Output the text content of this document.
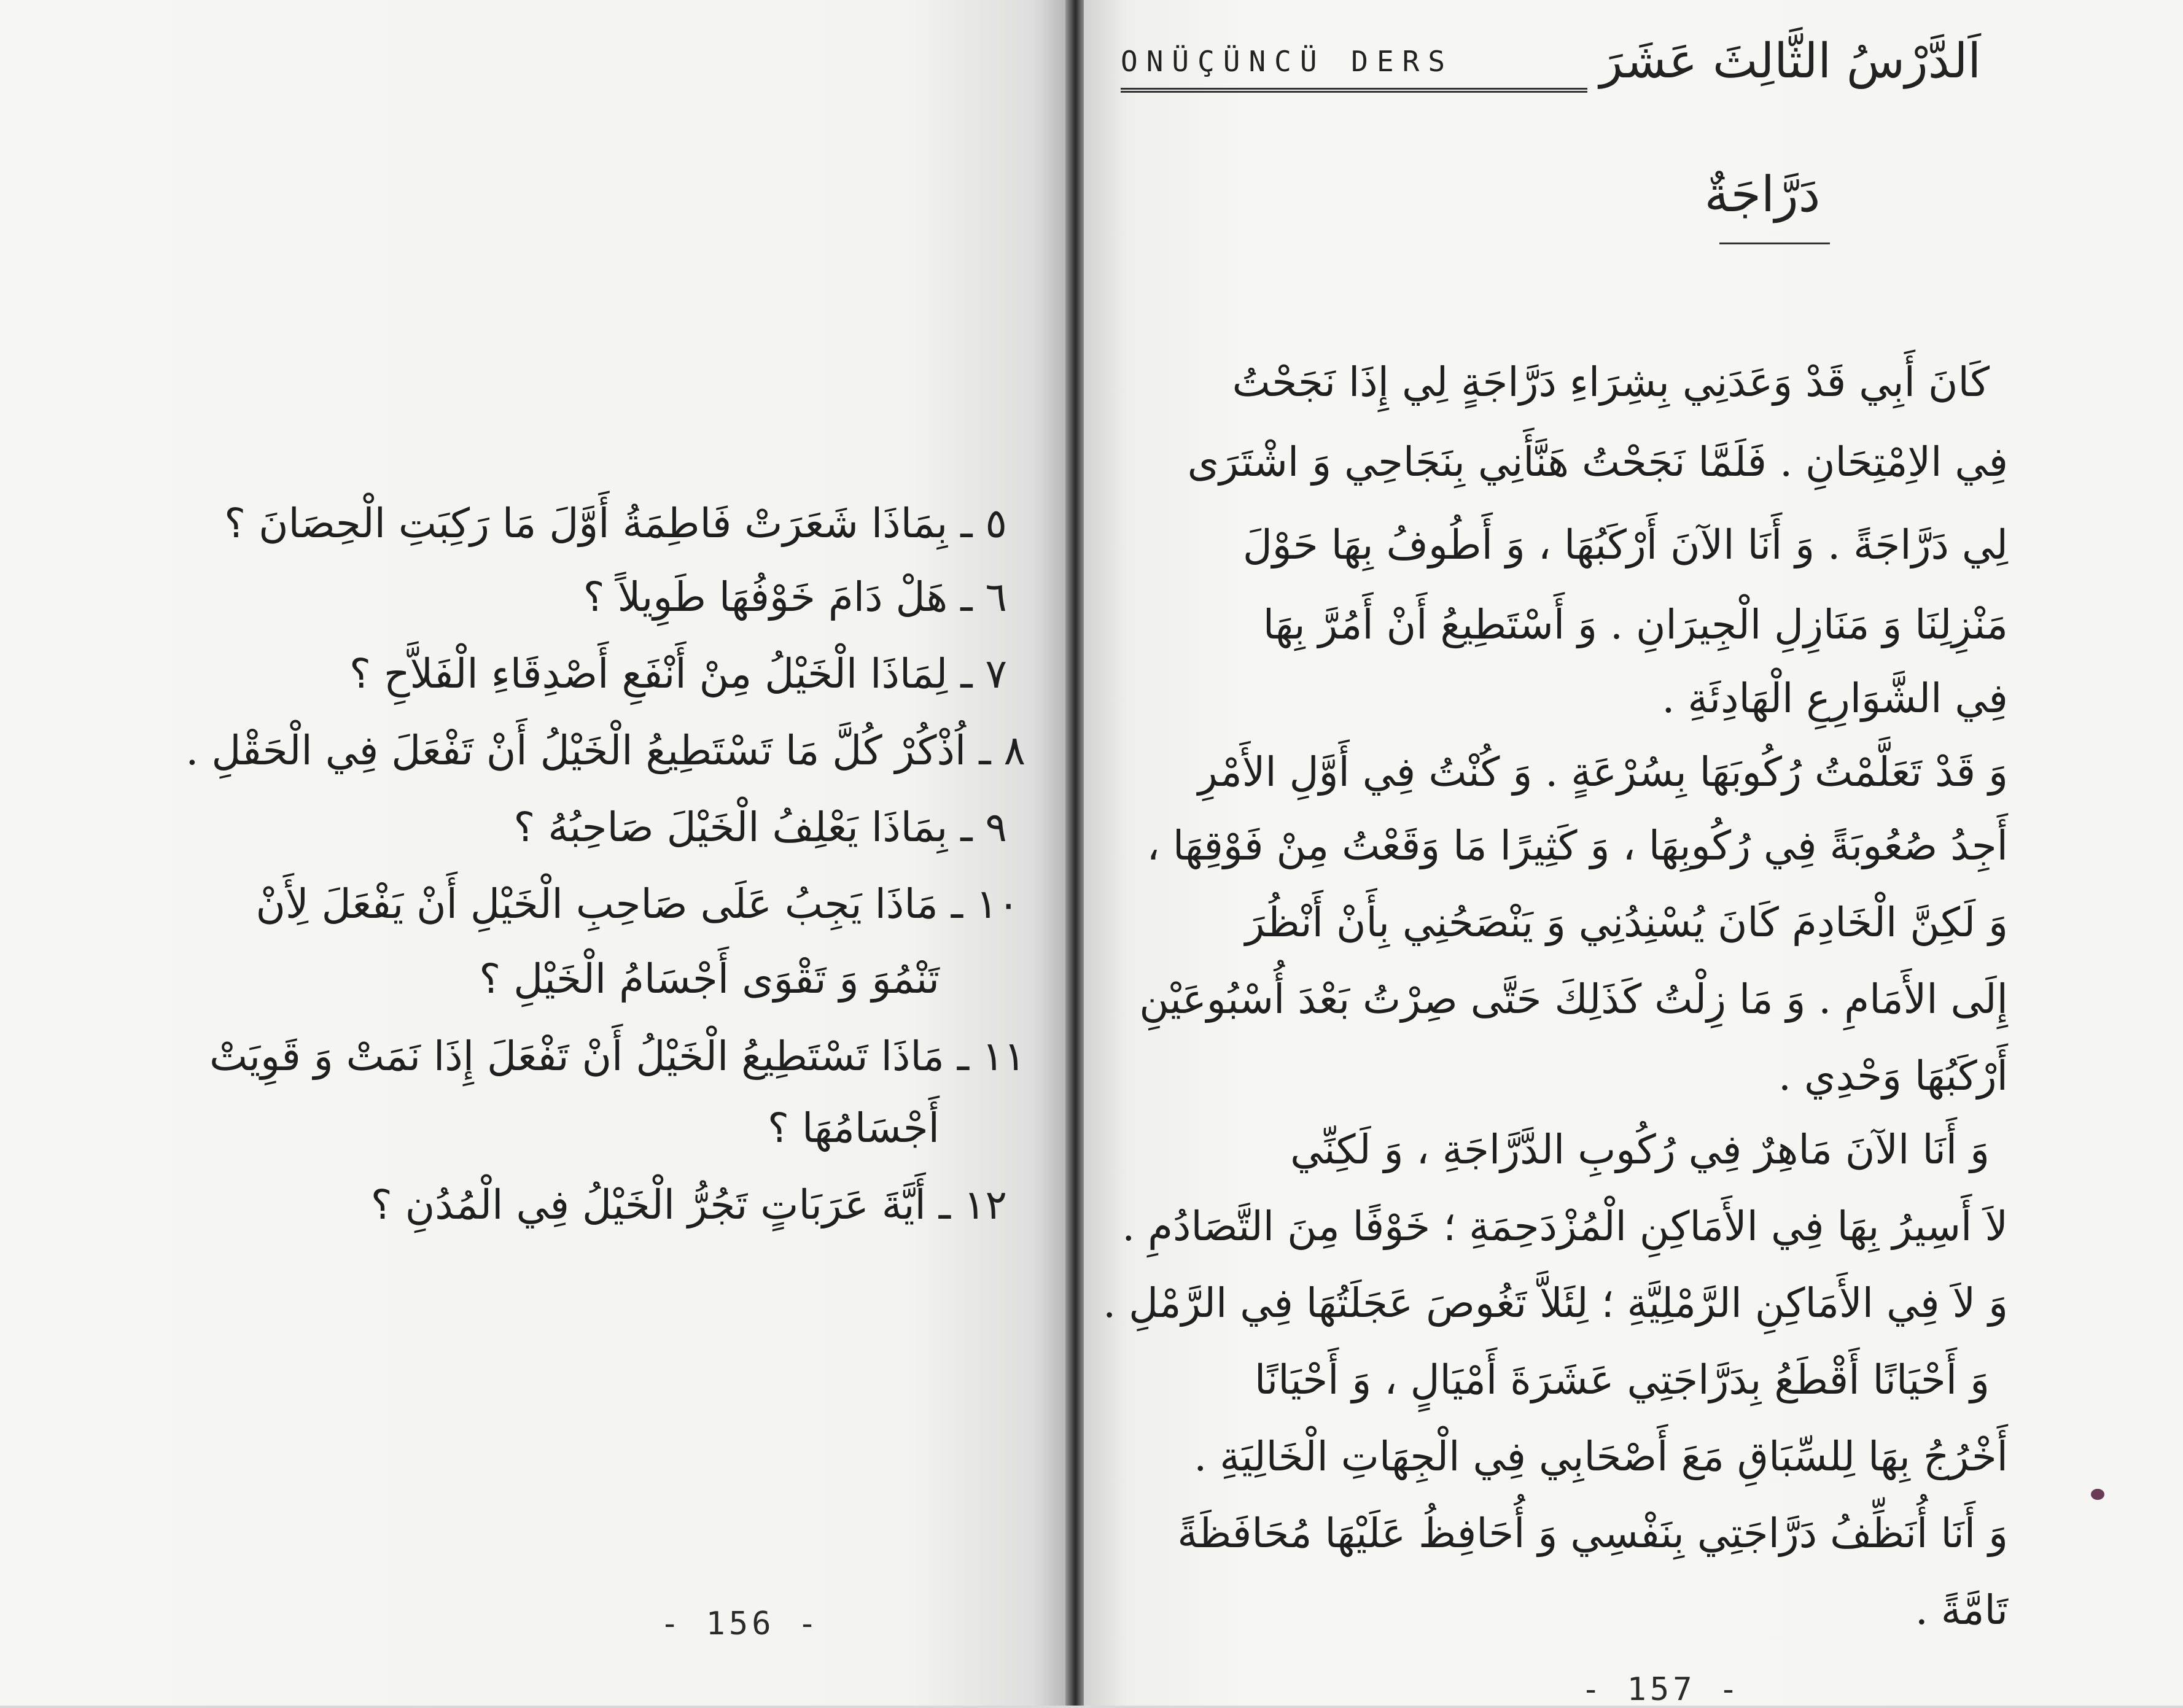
٥ ـ بِمَاذَا شَعَرَتْ فَاطِمَةُ أَوَّلَ مَا رَكِبَتِ الْحِصَانَ ؟
٦ ـ هَلْ دَامَ خَوْفُهَا طَوِيلاً ؟
٧ ـ لِمَاذَا الْخَيْلُ مِنْ أَنْفَعِ أَصْدِقَاءِ الْفَلاَّحِ ؟
٨ ـ اُذْكُرْ كُلَّ مَا تَسْتَطِيعُ الْخَيْلُ أَنْ تَفْعَلَ فِي الْحَقْلِ .
٩ ـ بِمَاذَا يَعْلِفُ الْخَيْلَ صَاحِبُهُ ؟
١٠ ـ مَاذَا يَجِبُ عَلَى صَاحِبِ الْخَيْلِ أَنْ يَفْعَلَ لِأَنْ
تَنْمُوَ وَ تَقْوَى أَجْسَامُ الْخَيْلِ ؟
١١ ـ مَاذَا تَسْتَطِيعُ الْخَيْلُ أَنْ تَفْعَلَ إِذَا نَمَتْ وَ قَوِيَتْ
أَجْسَامُهَا ؟
١٢ ـ أَيَّةَ عَرَبَاتٍ تَجُرُّ الْخَيْلُ فِي الْمُدُنِ ؟
- 156 -
ONÜÇÜNCÜ DERS	اَلدَّرْسُ الثَّالِثَ عَشَرَ
دَرَّاجَةٌ
كَانَ أَبِي قَدْ وَعَدَنِي بِشِرَاءِ دَرَّاجَةٍ لِي إِذَا نَجَحْتُ
فِي الاِمْتِحَانِ . فَلَمَّا نَجَحْتُ هَنَّأَنِي بِنَجَاحِي وَ اشْتَرَى
لِي دَرَّاجَةً . وَ أَنَا الآنَ أَرْكَبُهَا ، وَ أَطُوفُ بِهَا حَوْلَ
مَنْزِلِنَا وَ مَنَازِلِ الْجِيرَانِ . وَ أَسْتَطِيعُ أَنْ أَمُرَّ بِهَا
فِي الشَّوَارِعِ الْهَادِئَةِ .
وَ قَدْ تَعَلَّمْتُ رُكُوبَهَا بِسُرْعَةٍ . وَ كُنْتُ فِي أَوَّلِ الأَمْرِ
أَجِدُ صُعُوبَةً فِي رُكُوبِهَا ، وَ كَثِيرًا مَا وَقَعْتُ مِنْ فَوْقِهَا ،
وَ لَكِنَّ الْخَادِمَ كَانَ يُسْنِدُنِي وَ يَنْصَحُنِي بِأَنْ أَنْظُرَ
إِلَى الأَمَامِ . وَ مَا زِلْتُ كَذَلِكَ حَتَّى صِرْتُ بَعْدَ أُسْبُوعَيْنِ
أَرْكَبُهَا وَحْدِي .
وَ أَنَا الآنَ مَاهِرٌ فِي رُكُوبِ الدَّرَّاجَةِ ، وَ لَكِنِّي
لاَ أَسِيرُ بِهَا فِي الأَمَاكِنِ الْمُزْدَحِمَةِ ؛ خَوْفًا مِنَ التَّصَادُمِ .
وَ لاَ فِي الأَمَاكِنِ الرَّمْلِيَّةِ ؛ لِئَلاَّ تَغُوصَ عَجَلَتُهَا فِي الرَّمْلِ .
وَ أَحْيَانًا أَقْطَعُ بِدَرَّاجَتِي عَشَرَةَ أَمْيَالٍ ، وَ أَحْيَانًا
أَخْرُجُ بِهَا لِلسِّبَاقِ مَعَ أَصْحَابِي فِي الْجِهَاتِ الْخَالِيَةِ .
وَ أَنَا أُنَظِّفُ دَرَّاجَتِي بِنَفْسِي وَ أُحَافِظُ عَلَيْهَا مُحَافَظَةً
تَامَّةً .
- 157 -
